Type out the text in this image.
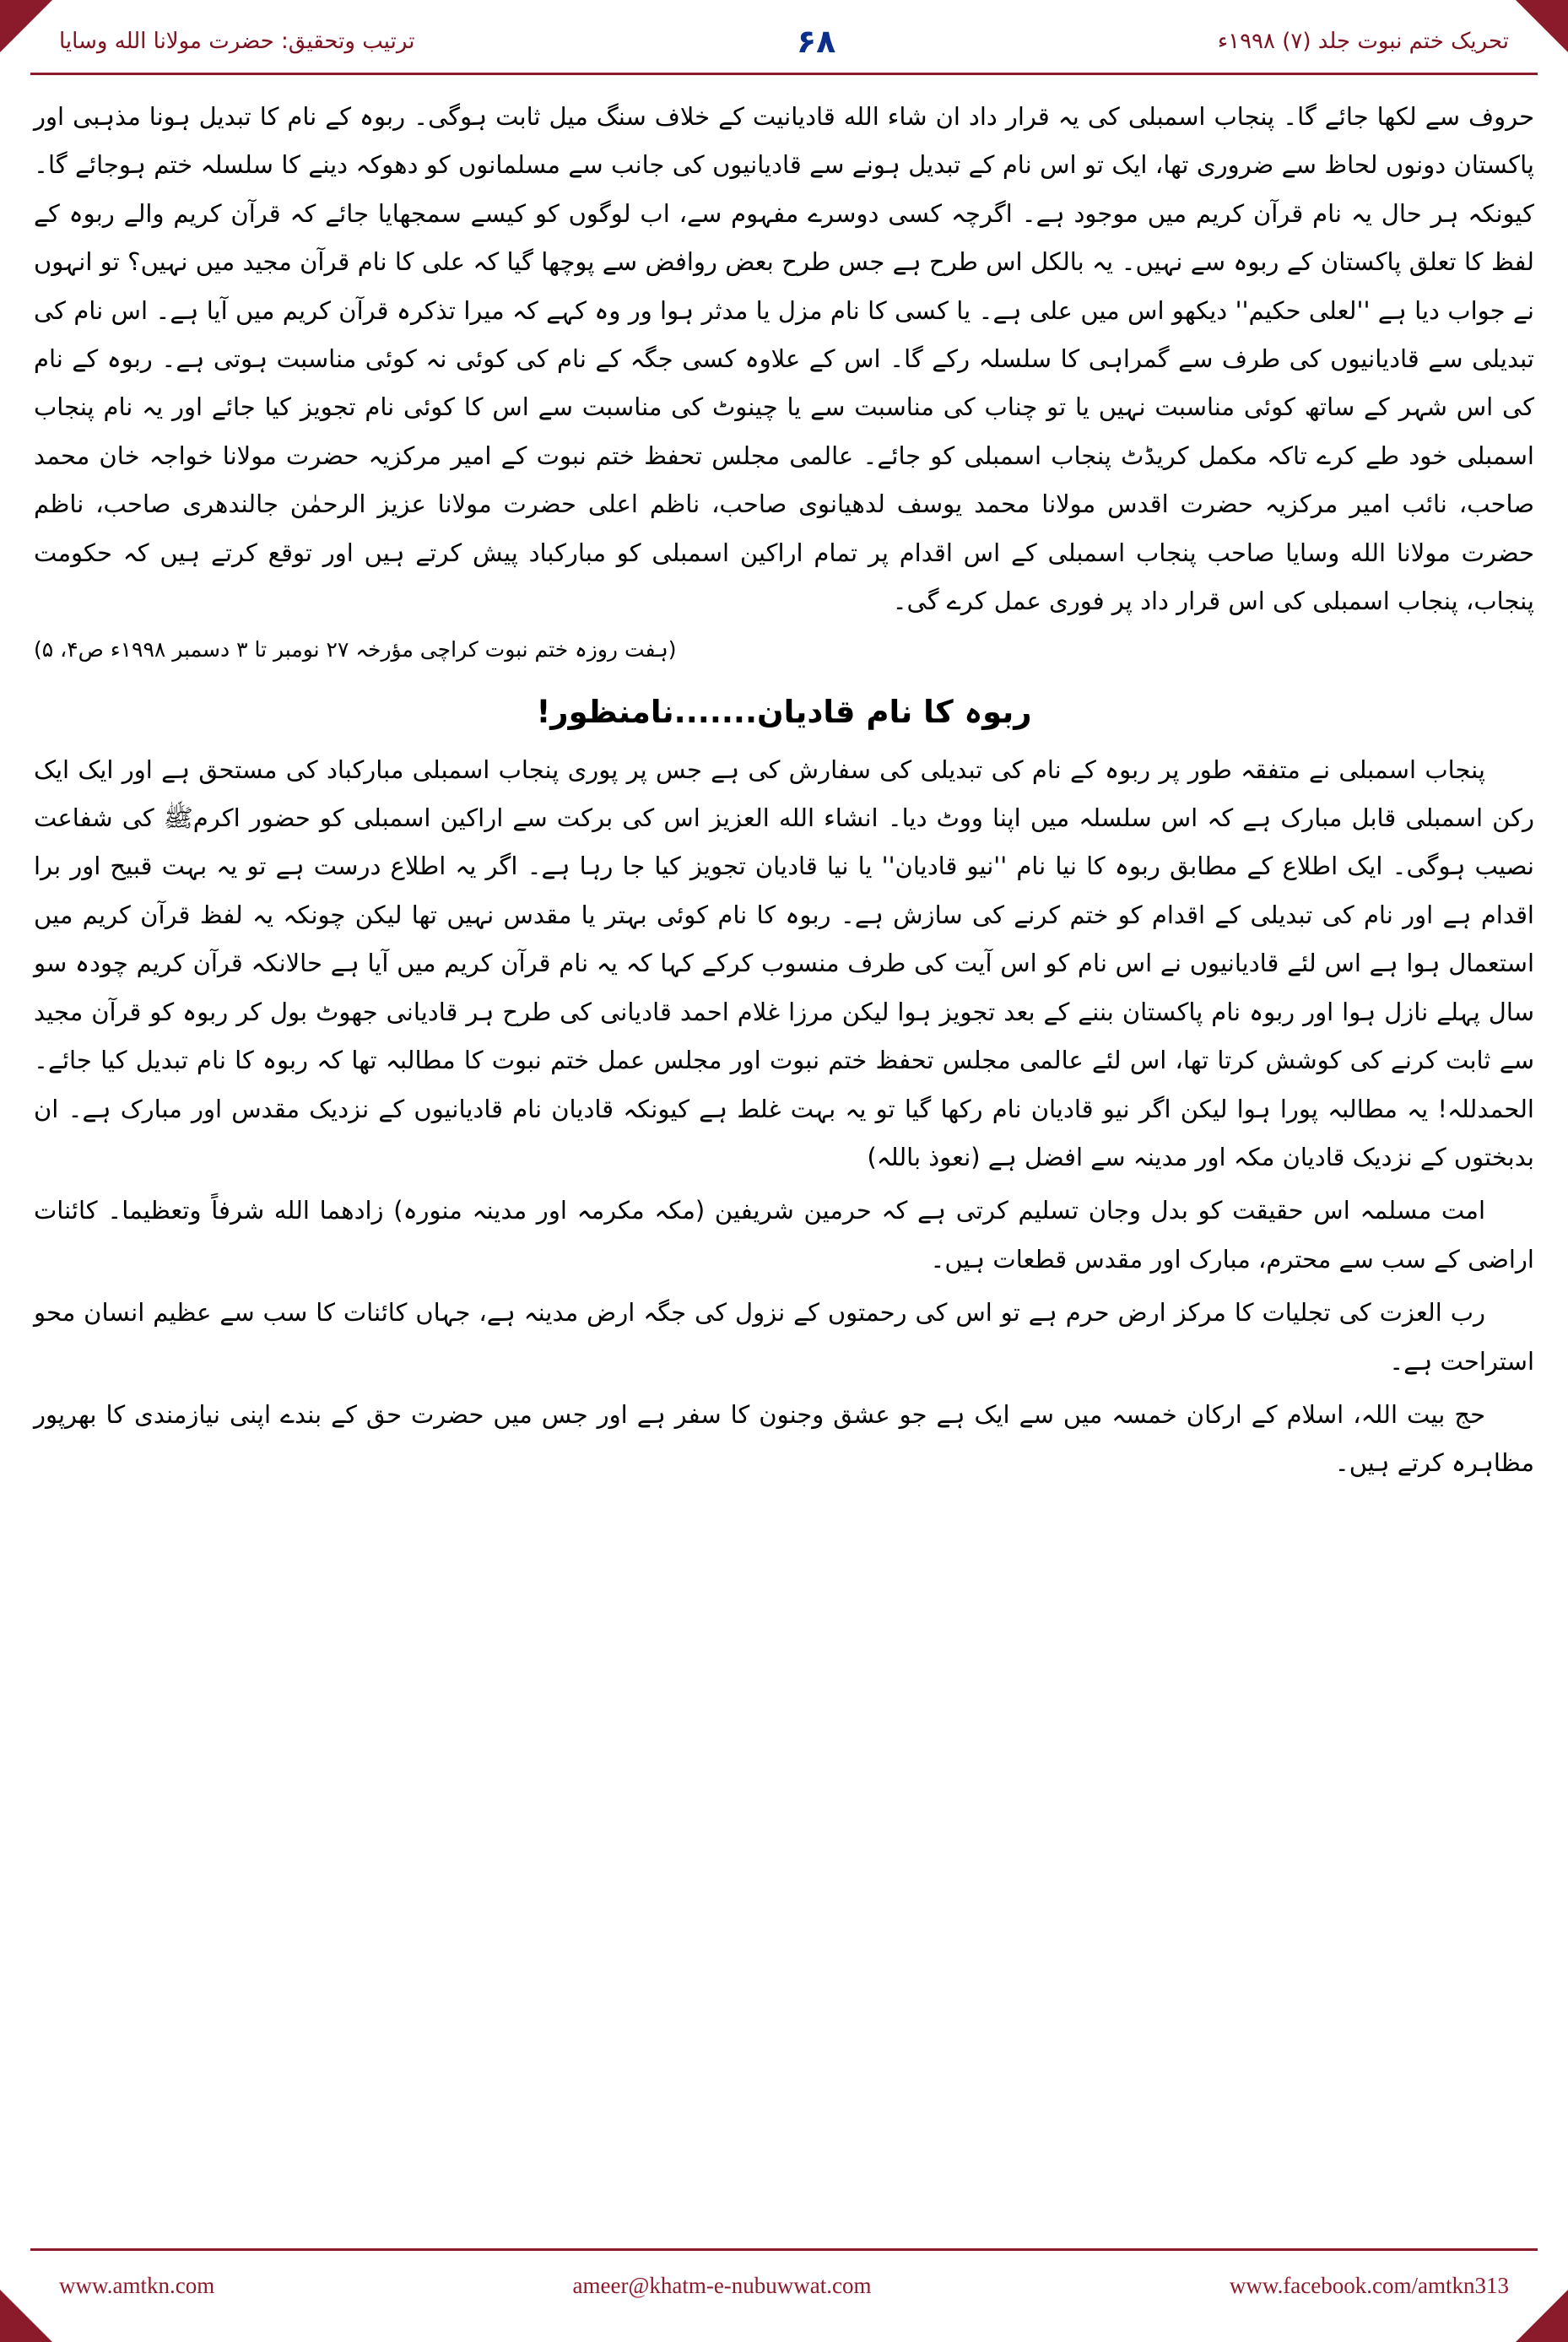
تحریک ختم نبوت جلد (۷) ۱۹۹۸ء
۶۸
ترتیب وتحقیق: حضرت مولانا الله وسایا

حروف سے لکھا جائے گا۔ پنجاب اسمبلی کی یہ قرار داد ان شاء الله قادیانیت کے خلاف سنگ میل ثابت ہوگی۔ ربوہ کے نام کا تبدیل ہونا مذہبی اور پاکستان دونوں لحاظ سے ضروری تھا، ایک تو اس نام کے تبدیل ہونے سے قادیانیوں کی جانب سے مسلمانوں کو دھوکہ دینے کا سلسلہ ختم ہوجائے گا۔ کیونکہ ہر حال یہ نام قرآن کریم میں موجود ہے۔ اگرچہ کسی دوسرے مفہوم سے، اب لوگوں کو کیسے سمجھایا جائے کہ قرآن کریم والے ربوہ کے لفظ کا تعلق پاکستان کے ربوہ سے نہیں۔ یہ بالکل اس طرح ہے جس طرح بعض روافض سے پوچھا گیا کہ علی کا نام قرآن مجید میں نہیں؟ تو انہوں نے جواب دیا ہے ''لعلی حکیم'' دیکھو اس میں علی ہے۔ یا کسی کا نام مزل یا مدثر ہوا ور وہ کہے کہ میرا تذکرہ قرآن کریم میں آیا ہے۔ اس نام کی تبدیلی سے قادیانیوں کی طرف سے گمراہی کا سلسلہ رکے گا۔ اس کے علاوہ کسی جگہ کے نام کی کوئی نہ کوئی مناسبت ہوتی ہے۔ ربوہ کے نام کی اس شہر کے ساتھ کوئی مناسبت نہیں یا تو چناب کی مناسبت سے یا چینوٹ کی مناسبت سے اس کا کوئی نام تجویز کیا جائے اور یہ نام پنجاب اسمبلی خود طے کرے تاکہ مکمل کریڈٹ پنجاب اسمبلی کو جائے۔ عالمی مجلس تحفظ ختم نبوت کے امیر مرکزیہ حضرت مولانا خواجہ خان محمد صاحب، نائب امیر مرکزیہ حضرت اقدس مولانا محمد یوسف لدھیانوی صاحب، ناظم اعلی حضرت مولانا عزیز الرحمٰن جالندھری صاحب، ناظم حضرت مولانا الله وسایا صاحب پنجاب اسمبلی کے اس اقدام پر تمام اراکین اسمبلی کو مبارکباد پیش کرتے ہیں اور توقع کرتے ہیں کہ حکومت پنجاب، پنجاب اسمبلی کی اس قرار داد پر فوری عمل کرے گی۔

(ہفت روزہ ختم نبوت کراچی مؤرخہ ۲۷ نومبر تا ۳ دسمبر ۱۹۹۸ء ص۴، ۵)

ربوہ کا نام قادیان.......نامنظور!

پنجاب اسمبلی نے متفقہ طور پر ربوہ کے نام کی تبدیلی کی سفارش کی ہے جس پر پوری پنجاب اسمبلی مبارکباد کی مستحق ہے اور ایک ایک رکن اسمبلی قابل مبارک ہے کہ اس سلسلہ میں اپنا ووٹ دیا۔ انشاء الله العزیز اس کی برکت سے اراکین اسمبلی کو حضور اکرمﷺ کی شفاعت نصیب ہوگی۔ ایک اطلاع کے مطابق ربوہ کا نیا نام ''نیو قادیان'' یا نیا قادیان تجویز کیا جا رہا ہے۔ اگر یہ اطلاع درست ہے تو یہ بہت قبیح اور برا اقدام ہے اور نام کی تبدیلی کے اقدام کو ختم کرنے کی سازش ہے۔ ربوہ کا نام کوئی بہتر یا مقدس نہیں تھا لیکن چونکہ یہ لفظ قرآن کریم میں استعمال ہوا ہے اس لئے قادیانیوں نے اس نام کو اس آیت کی طرف منسوب کرکے کہا کہ یہ نام قرآن کریم میں آیا ہے حالانکہ قرآن کریم چودہ سو سال پہلے نازل ہوا اور ربوہ نام پاکستان بننے کے بعد تجویز ہوا لیکن مرزا غلام احمد قادیانی کی طرح ہر قادیانی جھوٹ بول کر ربوہ کو قرآن مجید سے ثابت کرنے کی کوشش کرتا تھا، اس لئے عالمی مجلس تحفظ ختم نبوت اور مجلس عمل ختم نبوت کا مطالبہ تھا کہ ربوہ کا نام تبدیل کیا جائے۔ الحمدللہ! یہ مطالبہ پورا ہوا لیکن اگر نیو قادیان نام رکھا گیا تو یہ بہت غلط ہے کیونکہ قادیان نام قادیانیوں کے نزدیک مقدس اور مبارک ہے۔ ان بدبختوں کے نزدیک قادیان مکہ اور مدینہ سے افضل ہے (نعوذ باللہ)

امت مسلمہ اس حقیقت کو بدل وجان تسلیم کرتی ہے کہ حرمین شریفین (مکہ مکرمہ اور مدینہ منورہ) زادھما الله شرفاً وتعظیما۔ کائنات اراضی کے سب سے محترم، مبارک اور مقدس قطعات ہیں۔

رب العزت کی تجلیات کا مرکز ارض حرم ہے تو اس کی رحمتوں کے نزول کی جگہ ارض مدینہ ہے، جہاں کائنات کا سب سے عظیم انسان محو استراحت ہے۔

حج بیت اللہ، اسلام کے ارکان خمسہ میں سے ایک ہے جو عشق وجنون کا سفر ہے اور جس میں حضرت حق کے بندے اپنی نیازمندی کا بھرپور مظاہرہ کرتے ہیں۔

www.amtkn.com	ameer@khatm-e-nubuwwat.com	www.facebook.com/amtkn313
